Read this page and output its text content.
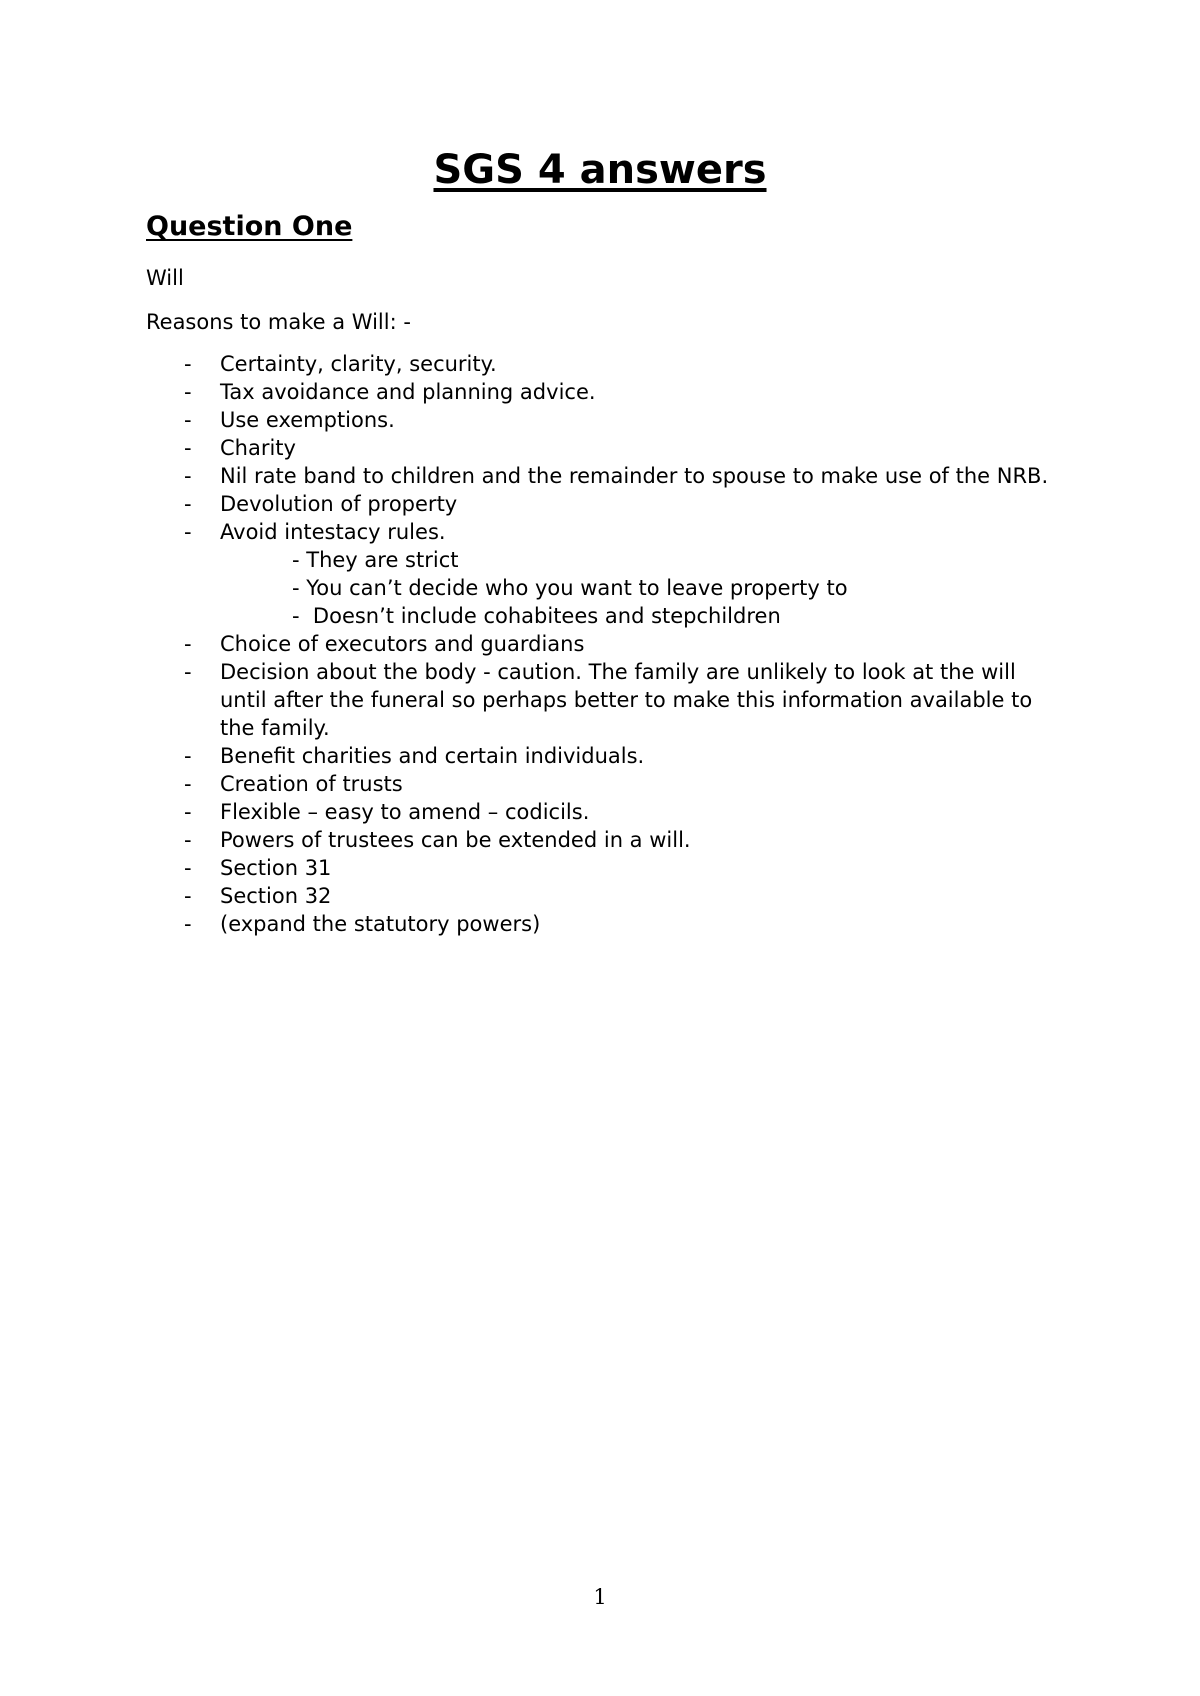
SGS 4 answers
Question One

Will

Reasons to make a Will: -

- Certainty, clarity, security.
- Tax avoidance and planning advice.
- Use exemptions.
- Charity
- Nil rate band to children and the remainder to spouse to make use of the NRB.
- Devolution of property
- Avoid intestacy rules.
- They are strict
- You can’t decide who you want to leave property to
-  Doesn’t include cohabitees and stepchildren
- Choice of executors and guardians
- Decision about the body - caution. The family are unlikely to look at the will until after the funeral so perhaps better to make this information available to the family.
- Benefit charities and certain individuals.
- Creation of trusts
- Flexible – easy to amend – codicils.
- Powers of trustees can be extended in a will.
- Section 31
- Section 32
- (expand the statutory powers)
1
